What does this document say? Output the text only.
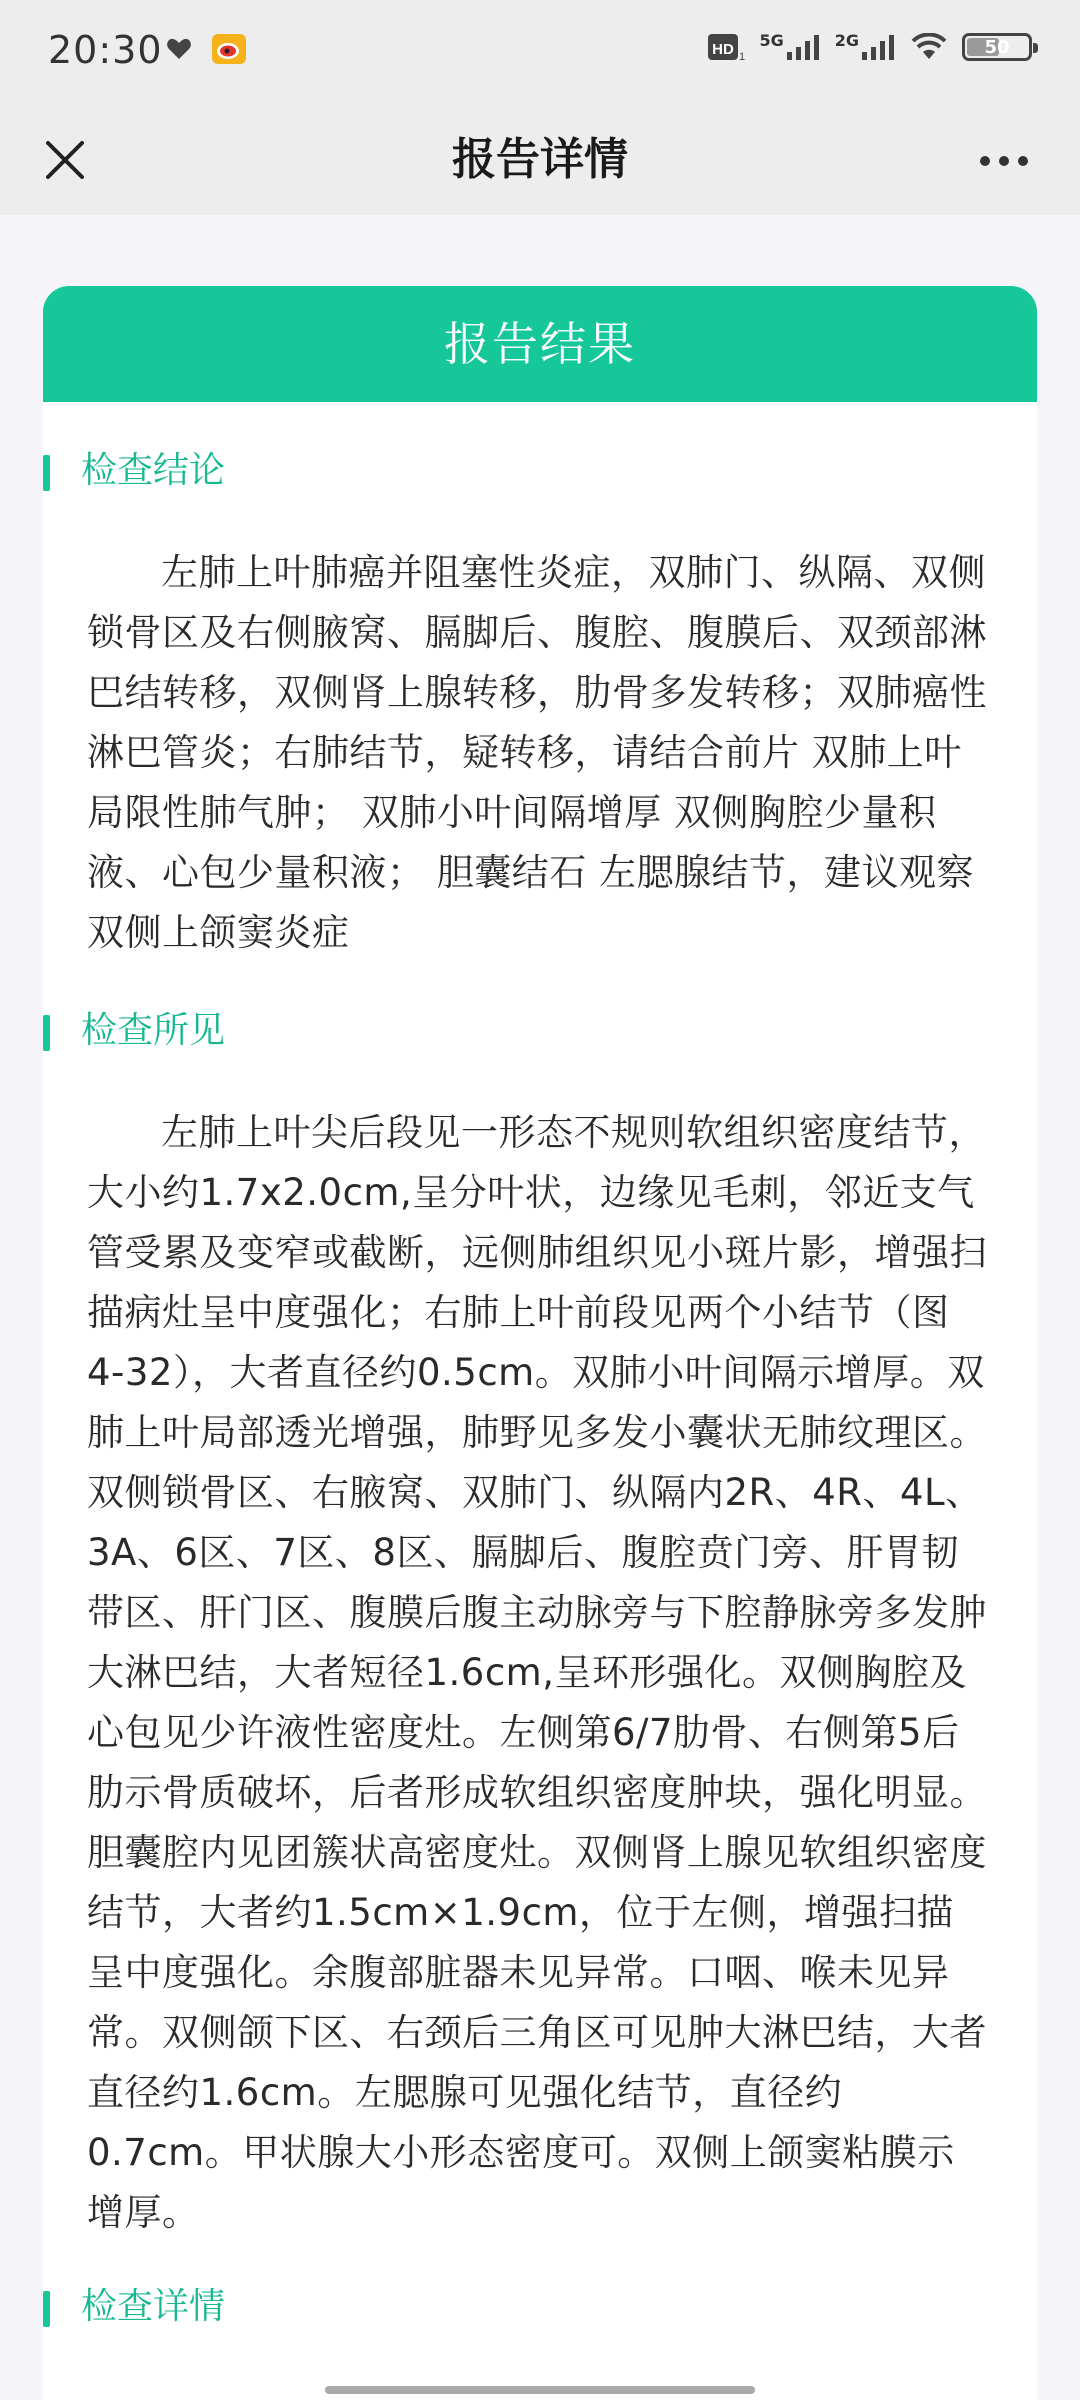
20:30	HD 1
5G	2G	50
报告详情
报告结果
检查结论
左肺上叶肺癌并阻塞性炎症，双肺门、纵隔、双侧锁骨区及右侧腋窝、膈脚后、腹腔、腹膜后、双颈部淋巴结转移，双侧肾上腺转移，肋骨多发转移；双肺癌性淋巴管炎；右肺结节，疑转移，请结合前片 双肺上叶局限性肺气肿； 双肺小叶间隔增厚 双侧胸腔少量积液、心包少量积液； 胆囊结石 左腮腺结节，建议观察 双侧上颌窦炎症
检查所见
左肺上叶尖后段见一形态不规则软组织密度结节，大小约1.7x2.0cm,呈分叶状，边缘见毛刺，邻近支气管受累及变窄或截断，远侧肺组织见小斑片影，增强扫描病灶呈中度强化；右肺上叶前段见两个小结节（图4-32），大者直径约0.5cm。双肺小叶间隔示增厚。双肺上叶局部透光增强，肺野见多发小囊状无肺纹理区。双侧锁骨区、右腋窝、双肺门、纵隔内2R、4R、4L、3A、6区、7区、8区、膈脚后、腹腔贲门旁、肝胃韧带区、肝门区、腹膜后腹主动脉旁与下腔静脉旁多发肿大淋巴结，大者短径1.6cm,呈环形强化。双侧胸腔及心包见少许液性密度灶。左侧第6/7肋骨、右侧第5后肋示骨质破坏，后者形成软组织密度肿块，强化明显。胆囊腔内见团簇状高密度灶。双侧肾上腺见软组织密度结节，大者约1.5cm×1.9cm，位于左侧，增强扫描呈中度强化。余腹部脏器未见异常。口咽、喉未见异常。双侧颌下区、右颈后三角区可见肿大淋巴结，大者直径约1.6cm。左腮腺可见强化结节，直径约0.7cm。甲状腺大小形态密度可。双侧上颌窦粘膜示增厚。
检查详情
